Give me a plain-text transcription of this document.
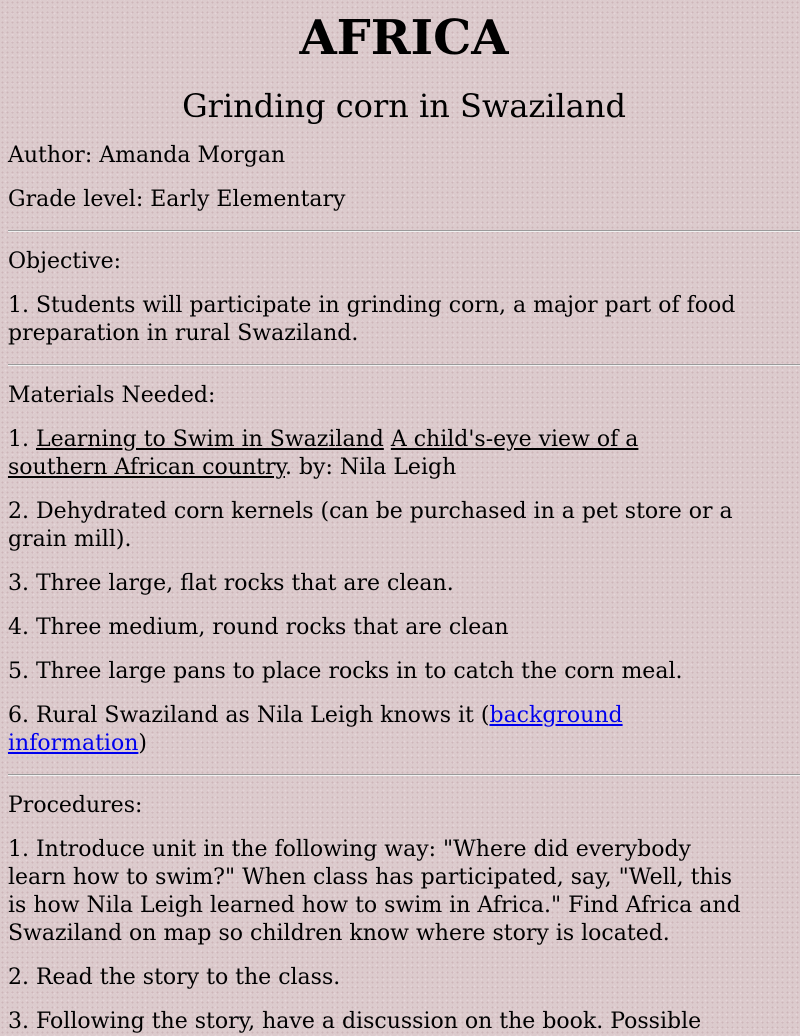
AFRICA
Grinding corn in Swaziland

Author: Amanda Morgan

Grade level: Early Elementary

Objective:

1. Students will participate in grinding corn, a major part of food

preparation in rural Swaziland.

Materials Needed:

1. Learning to Swim in Swaziland A child's-eye view of a

southern African country. by: Nila Leigh

2. Dehydrated corn kernels (can be purchased in a pet store or a

grain mill).

3. Three large, flat rocks that are clean.

4. Three medium, round rocks that are clean

5. Three large pans to place rocks in to catch the corn meal.

6. Rural Swaziland as Nila Leigh knows it (background

information)

Procedures:

1. Introduce unit in the following way: "Where did everybody

learn how to swim?" When class has participated, say, "Well, this

is how Nila Leigh learned how to swim in Africa." Find Africa and

Swaziland on map so children know where story is located.

2. Read the story to the class.

3. Following the story, have a discussion on the book. Possible
